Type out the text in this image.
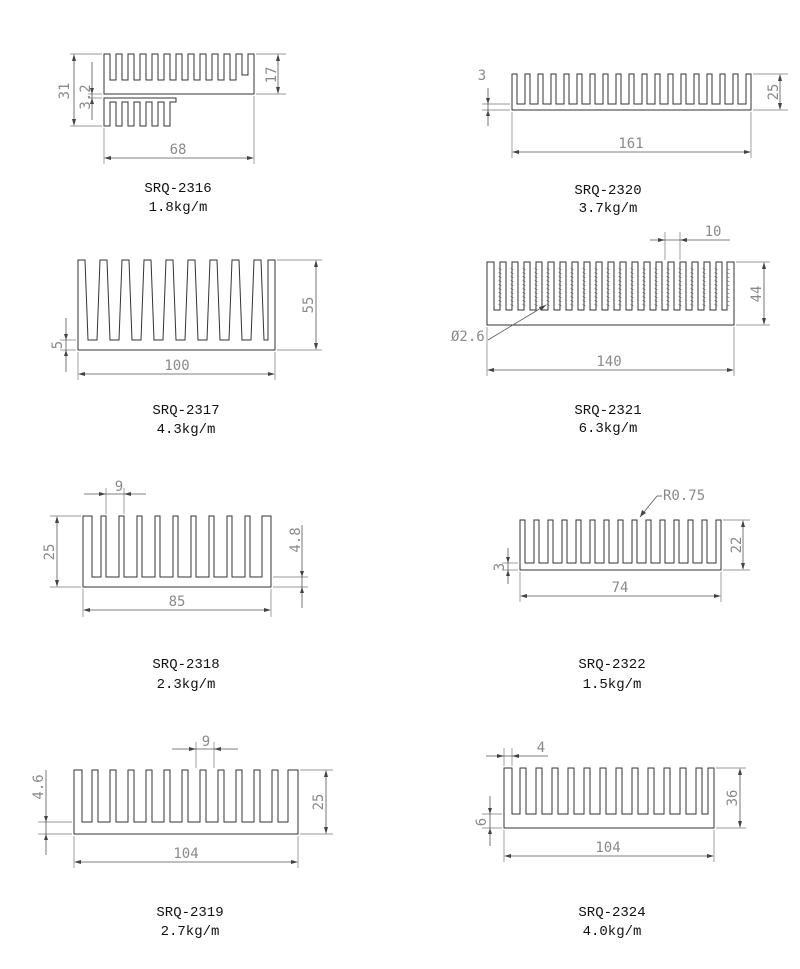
31 3.2
17
68
SRQ-2316
1.8kg/m
3
25
161
SRQ-2320
3.7kg/m
55
5
100
SRQ-2317
4.3kg/m
10
44
Ø2.6
140
SRQ-2321
6.3kg/m
9
25	4.8
85
SRQ-2318
2.3kg/m
R0.75
22
3
74
SRQ-2322
1.5kg/m
9
4.6
25
104
SRQ-2319
2.7kg/m
4
36
6
104
SRQ-2324
4.0kg/m
